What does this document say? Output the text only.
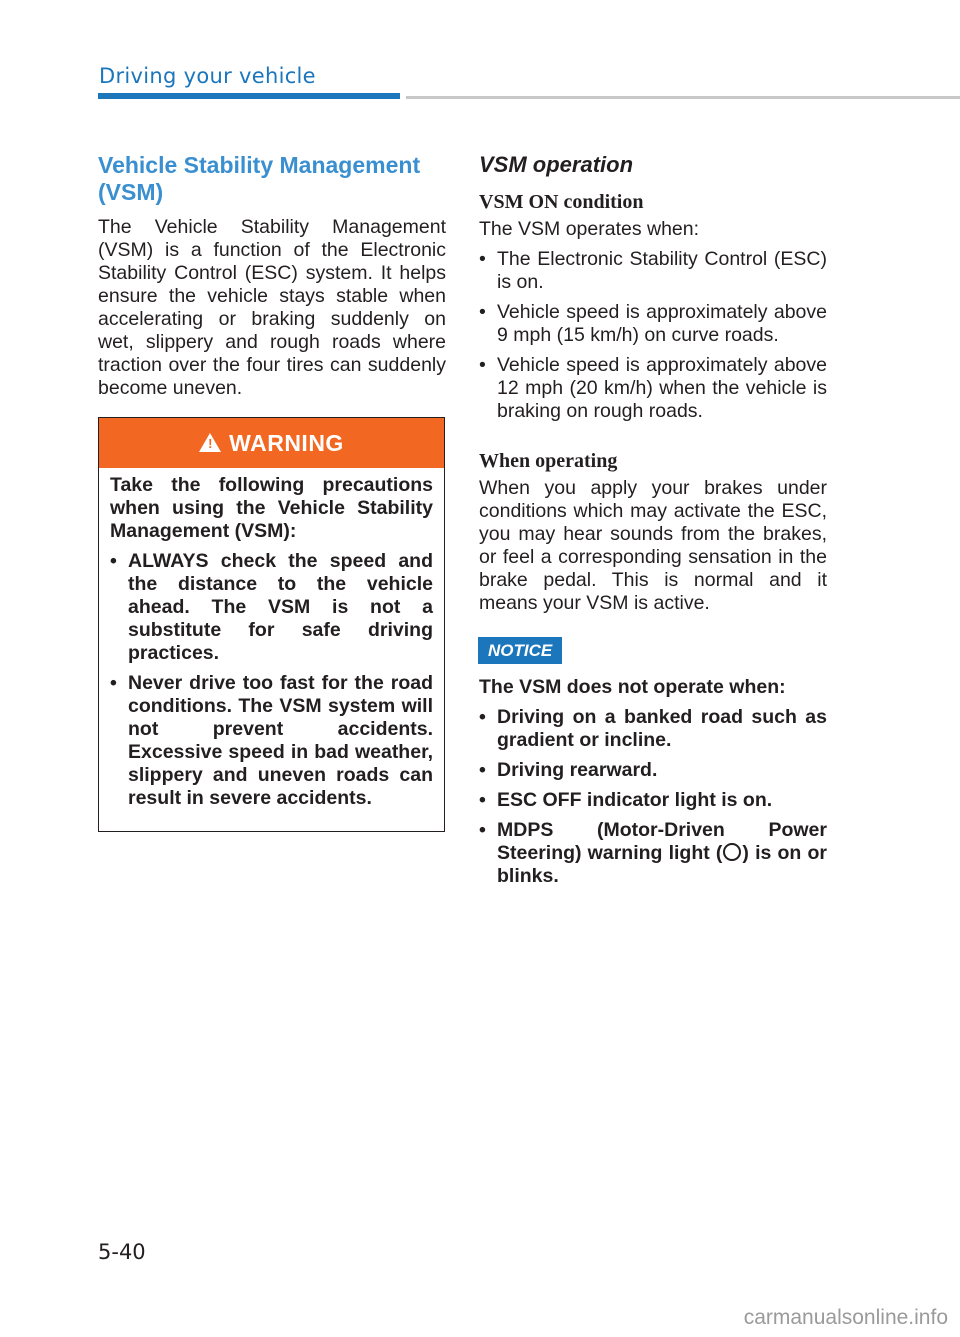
Driving your vehicle
Vehicle Stability Management
(VSM)

The Vehicle Stability Management (VSM) is a function of the Electronic Stability Control (ESC) system. It helps ensure the vehicle stays stable when accelerating or braking suddenly on wet, slippery and rough roads where traction over the four tires can suddenly become uneven.

! WARNING

Take the following precautions when using the Vehicle Stability Management (VSM):

• ALWAYS check the speed and the distance to the vehicle ahead. The VSM is not a substitute for safe driving practices.
• Never drive too fast for the road conditions. The VSM system will not prevent accidents. Excessive speed in bad weather, slippery and uneven roads can result in severe accidents.
VSM operation
VSM ON condition

The VSM operates when:

• The Electronic Stability Control (ESC) is on.
• Vehicle speed is approximately above 9 mph (15 km/h) on curve roads.
• Vehicle speed is approximately above 12 mph (20 km/h) when the vehicle is braking on rough roads.
When operating

When you apply your brakes under conditions which may activate the ESC, you may hear sounds from the brakes, or feel a corresponding sensation in the brake pedal. This is normal and it means your VSM is active.

NOTICE

The VSM does not operate when:

• Driving on a banked road such as gradient or incline.
• Driving rearward.
• ESC OFF indicator light is on.
• MDPS (Motor-Driven Power Steering) warning light ( ) is on or blinks.
5-40
carmanualsonline.info
